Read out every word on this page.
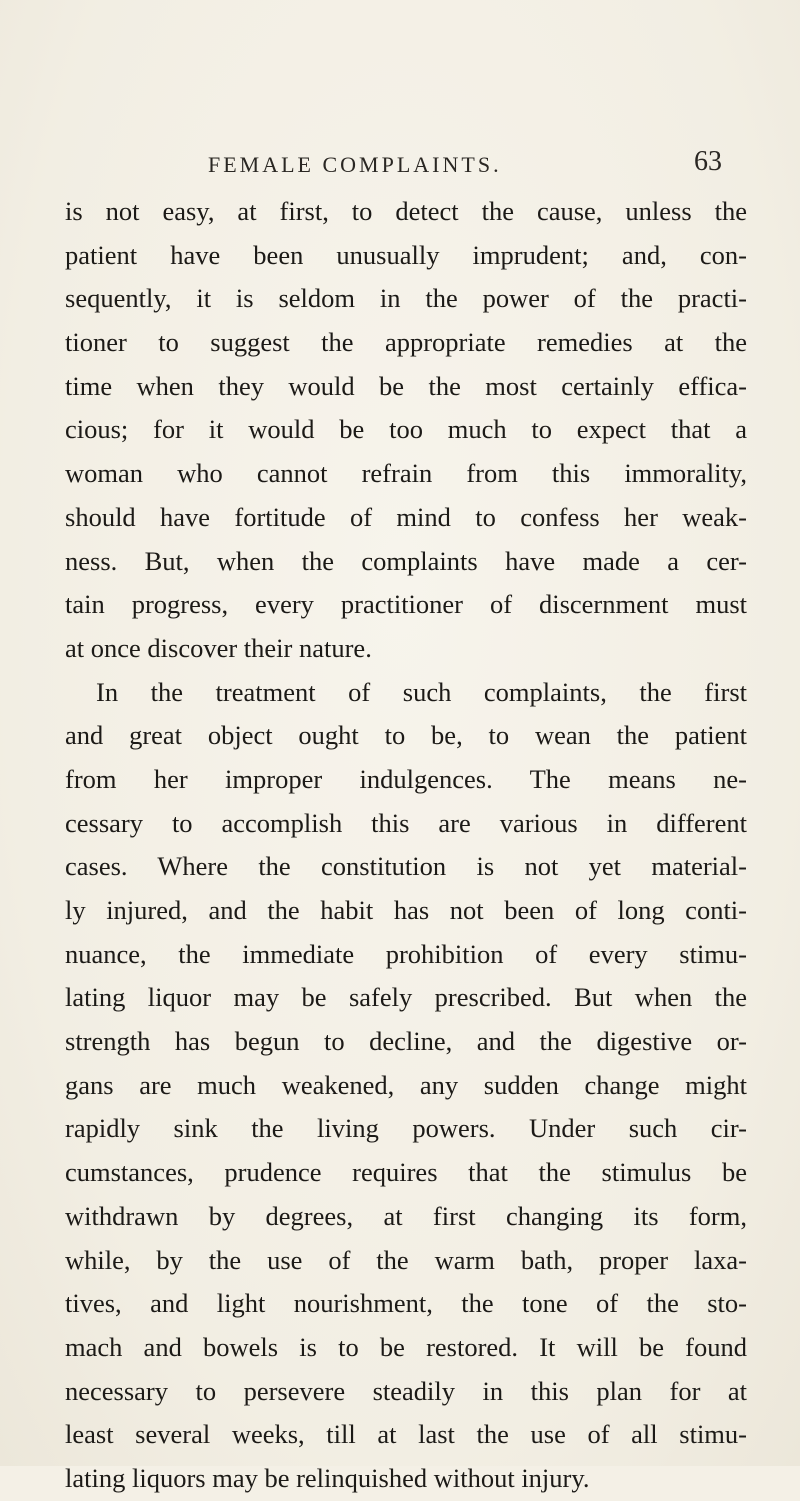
FEMALE COMPLAINTS.	63
is not easy, at first, to detect the cause, unless the
patient have been unusually imprudent; and, con-
sequently, it is seldom in the power of the practi-
tioner to suggest the appropriate remedies at the
time when they would be the most certainly effica-
cious; for it would be too much to expect that a
woman who cannot refrain from this immorality,
should have fortitude of mind to confess her weak-
ness. But, when the complaints have made a cer-
tain progress, every practitioner of discernment must
at once discover their nature.
In the treatment of such complaints, the first
and great object ought to be, to wean the patient
from her improper indulgences. The means ne-
cessary to accomplish this are various in different
cases. Where the constitution is not yet material-
ly injured, and the habit has not been of long conti-
nuance, the immediate prohibition of every stimu-
lating liquor may be safely prescribed. But when the
strength has begun to decline, and the digestive or-
gans are much weakened, any sudden change might
rapidly sink the living powers. Under such cir-
cumstances, prudence requires that the stimulus be
withdrawn by degrees, at first changing its form,
while, by the use of the warm bath, proper laxa-
tives, and light nourishment, the tone of the sto-
mach and bowels is to be restored. It will be found
necessary to persevere steadily in this plan for at
least several weeks, till at last the use of all stimu-
lating liquors may be relinquished without injury.
